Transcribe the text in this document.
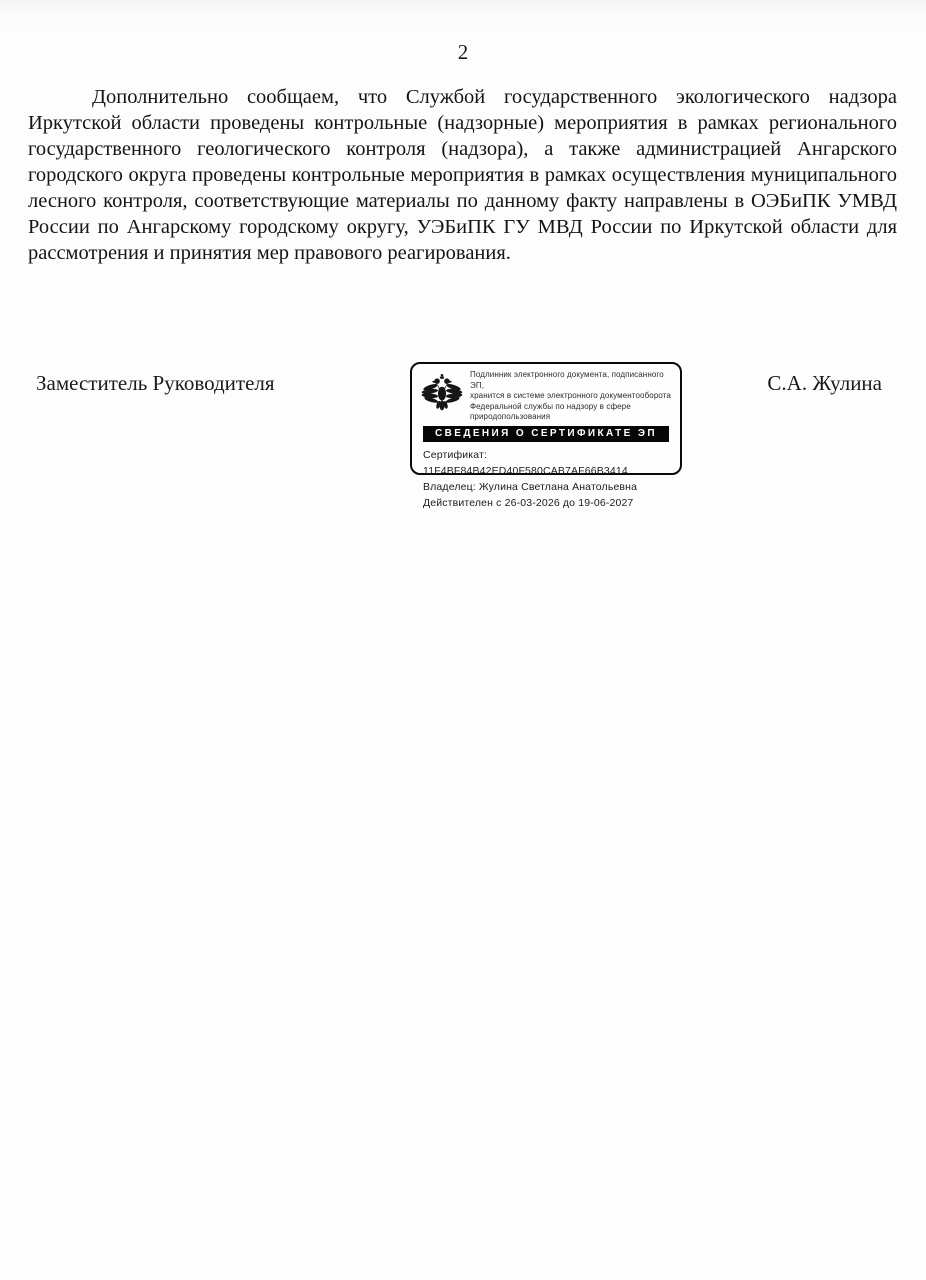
2
Дополнительно сообщаем, что Службой государственного экологического надзора Иркутской области проведены контрольные (надзорные) мероприятия в рамках регионального государственного геологического контроля (надзора), а также администрацией Ангарского городского округа проведены контрольные мероприятия в рамках осуществления муниципального лесного контроля, соответствующие материалы по данному факту направлены в ОЭБиПК УМВД России по Ангарскому городскому округу, УЭБиПК ГУ МВД России по Иркутской области для рассмотрения и принятия мер правового реагирования.
Заместитель Руководителя	Подлинник электронного документа, подписанного ЭП,
хранится в системе электронного документооборота
Федеральной службы по надзору в сфере
природопользования
СВЕДЕНИЯ О СЕРТИФИКАТЕ ЭП
Сертификат: 11F4BF84B42ED40F580CAB7AF66B3414
Владелец: Жулина Светлана Анатольевна
Действителен с 26-03-2026 до 19-06-2027
С.А. Жулина
